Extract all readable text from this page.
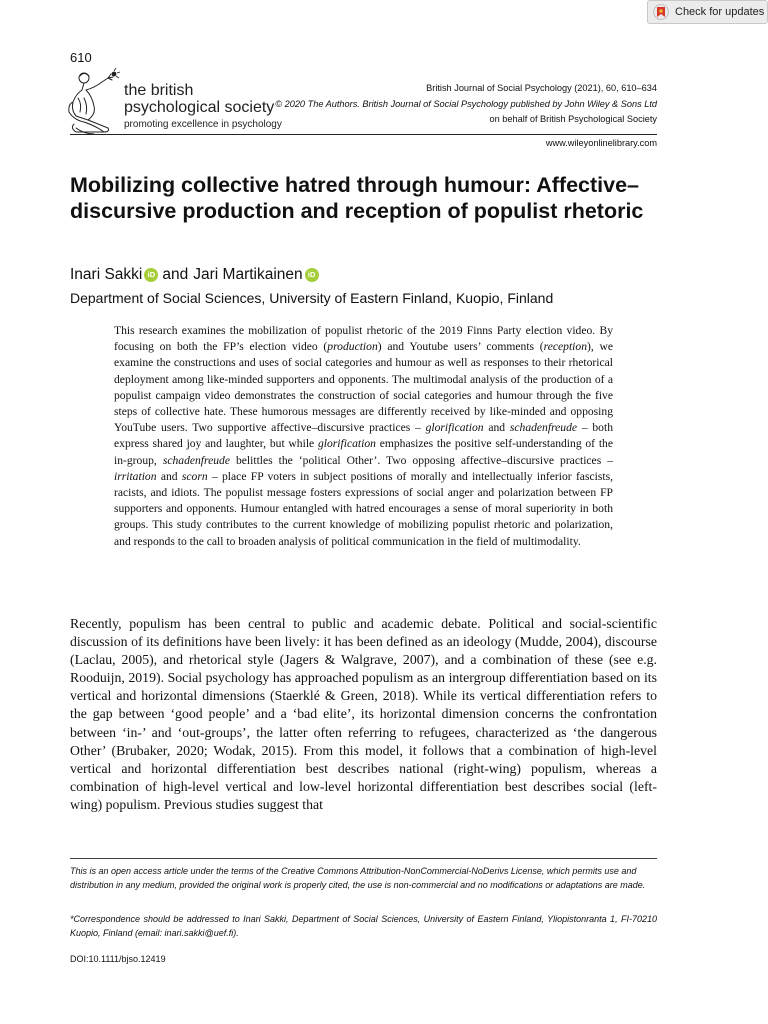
Check for updates
610
the british
psychological society
promoting excellence in psychology
British Journal of Social Psychology (2021), 60, 610–634
© 2020 The Authors. British Journal of Social Psychology published by John Wiley & Sons Ltd
on behalf of British Psychological Society
www.wileyonlinelibrary.com
Mobilizing collective hatred through humour: Affective–discursive production and reception of populist rhetoric
Inari Sakki iD and Jari Martikainen iD
Department of Social Sciences, University of Eastern Finland, Kuopio, Finland

This research examines the mobilization of populist rhetoric of the 2019 Finns Party election video. By focusing on both the FP’s election video (production) and Youtube users’ comments (reception), we examine the constructions and uses of social categories and humour as well as responses to their rhetorical deployment among like-minded supporters and opponents. The multimodal analysis of the production of a populist campaign video demonstrates the construction of social categories and humour through the five steps of collective hate. These humorous messages are differently received by like-minded and opposing YouTube users. Two supportive affective–discursive practices – glorification and schadenfreude – both express shared joy and laughter, but while glorification emphasizes the positive self-understanding of the in-group, schadenfreude belittles the ‘political Other’. Two opposing affective–discursive practices – irritation and scorn – place FP voters in subject positions of morally and intellectually inferior fascists, racists, and idiots. The populist message fosters expressions of social anger and polarization between FP supporters and opponents. Humour entangled with hatred encourages a sense of moral superiority in both groups. This study contributes to the current knowledge of mobilizing populist rhetoric and polarization, and responds to the call to broaden analysis of political communication in the field of multimodality.

Recently, populism has been central to public and academic debate. Political and social-scientific discussion of its definitions have been lively: it has been defined as an ideology (Mudde, 2004), discourse (Laclau, 2005), and rhetorical style (Jagers & Walgrave, 2007), and a combination of these (see e.g. Rooduijn, 2019). Social psychology has approached populism as an intergroup differentiation based on its vertical and horizontal dimensions (Staerklé & Green, 2018). While its vertical differentiation refers to the gap between ‘good people’ and a ‘bad elite’, its horizontal dimension concerns the confrontation between ‘in-’ and ‘out-groups’, the latter often referring to refugees, characterized as ‘the dangerous Other’ (Brubaker, 2020; Wodak, 2015). From this model, it follows that a combination of high-level vertical and horizontal differentiation best describes national (right-wing) populism, whereas a combination of high-level vertical and low-level horizontal differentiation best describes social (left-wing) populism. Previous studies suggest that

This is an open access article under the terms of the Creative Commons Attribution-NonCommercial-NoDerivs License, which permits use and distribution in any medium, provided the original work is properly cited, the use is non-commercial and no modifications or adaptations are made.

*Correspondence should be addressed to Inari Sakki, Department of Social Sciences, University of Eastern Finland, Yliopistonranta 1, FI-70210 Kuopio, Finland (email: inari.sakki@uef.fi).

DOI:10.1111/bjso.12419
